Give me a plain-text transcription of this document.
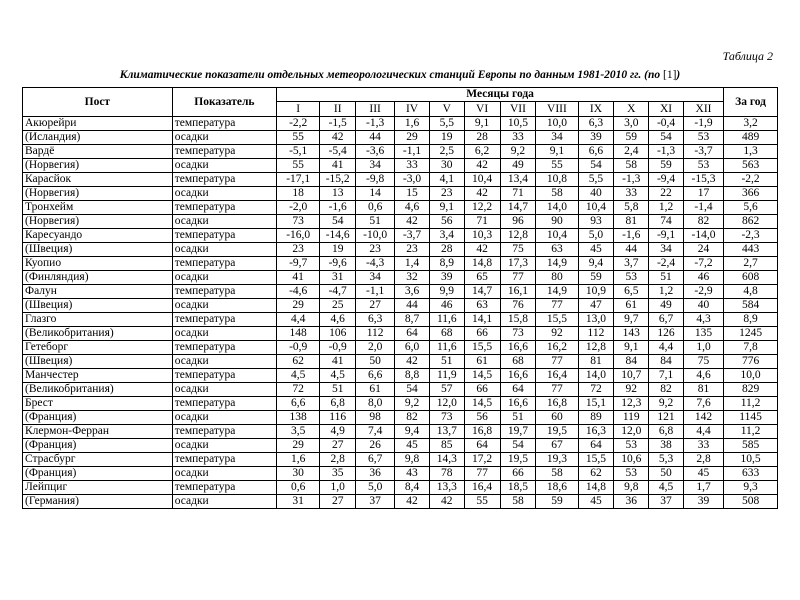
Таблица 2
Климатические показатели отдельных метеорологических станций Европы по данным 1981-2010 гг. (по [1])
Пост	Показатель	Месяцы года												За год
		I	II	III	IV	V	VI	VII	VIII	IX	X	XI	XII	
Акюрейри	температура	-2,2	-1,5	-1,3	1,6	5,5	9,1	10,5	10,0	6,3	3,0	-0,4	-1,9	3,2
(Исландия)	осадки	55	42	44	29	19	28	33	34	39	59	54	53	489
Вардё	температура	-5,1	-5,4	-3,6	-1,1	2,5	6,2	9,2	9,1	6,6	2,4	-1,3	-3,7	1,3
(Норвегия)	осадки	55	41	34	33	30	42	49	55	54	58	59	53	563
Карасйок	температура	-17,1	-15,2	-9,8	-3,0	4,1	10,4	13,4	10,8	5,5	-1,3	-9,4	-15,3	-2,2
(Норвегия)	осадки	18	13	14	15	23	42	71	58	40	33	22	17	366
Тронхейм	температура	-2,0	-1,6	0,6	4,6	9,1	12,2	14,7	14,0	10,4	5,8	1,2	-1,4	5,6
(Норвегия)	осадки	73	54	51	42	56	71	96	90	93	81	74	82	862
Каресуандо	температура	-16,0	-14,6	-10,0	-3,7	3,4	10,3	12,8	10,4	5,0	-1,6	-9,1	-14,0	-2,3
(Швеция)	осадки	23	19	23	23	28	42	75	63	45	44	34	24	443
Куопио	температура	-9,7	-9,6	-4,3	1,4	8,9	14,8	17,3	14,9	9,4	3,7	-2,4	-7,2	2,7
(Финляндия)	осадки	41	31	34	32	39	65	77	80	59	53	51	46	608
Фалун	температура	-4,6	-4,7	-1,1	3,6	9,9	14,7	16,1	14,9	10,9	6,5	1,2	-2,9	4,8
(Швеция)	осадки	29	25	27	44	46	63	76	77	47	61	49	40	584
Глазго	температура	4,4	4,6	6,3	8,7	11,6	14,1	15,8	15,5	13,0	9,7	6,7	4,3	8,9
(Великобритания)	осадки	148	106	112	64	68	66	73	92	112	143	126	135	1245
Гетеборг	температура	-0,9	-0,9	2,0	6,0	11,6	15,5	16,6	16,2	12,8	9,1	4,4	1,0	7,8
(Швеция)	осадки	62	41	50	42	51	61	68	77	81	84	84	75	776
Манчестер	температура	4,5	4,5	6,6	8,8	11,9	14,5	16,6	16,4	14,0	10,7	7,1	4,6	10,0
(Великобритания)	осадки	72	51	61	54	57	66	64	77	72	92	82	81	829
Брест	температура	6,6	6,8	8,0	9,2	12,0	14,5	16,6	16,8	15,1	12,3	9,2	7,6	11,2
(Франция)	осадки	138	116	98	82	73	56	51	60	89	119	121	142	1145
Клермон-Ферран	температура	3,5	4,9	7,4	9,4	13,7	16,8	19,7	19,5	16,3	12,0	6,8	4,4	11,2
(Франция)	осадки	29	27	26	45	85	64	54	67	64	53	38	33	585
Страсбург	температура	1,6	2,8	6,7	9,8	14,3	17,2	19,5	19,3	15,5	10,6	5,3	2,8	10,5
(Франция)	осадки	30	35	36	43	78	77	66	58	62	53	50	45	633
Лейпциг	температура	0,6	1,0	5,0	8,4	13,3	16,4	18,5	18,6	14,8	9,8	4,5	1,7	9,3
(Германия)	осадки	31	27	37	42	42	55	58	59	45	36	37	39	508
